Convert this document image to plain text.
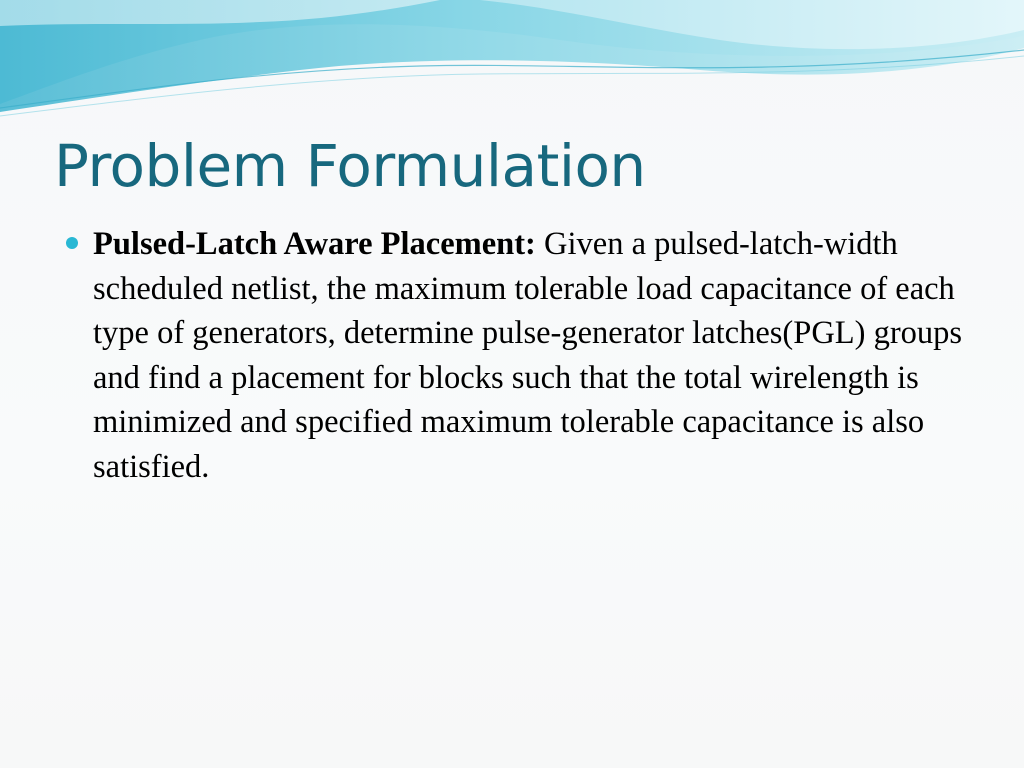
Problem Formulation
Pulsed-Latch Aware Placement: Given a pulsed-latch-width scheduled netlist, the maximum tolerable load capacitance of each type of generators, determine pulse-generator latches(PGL) groups and find a placement for blocks such that the total wirelength is minimized and specified maximum tolerable capacitance is also satisfied.
